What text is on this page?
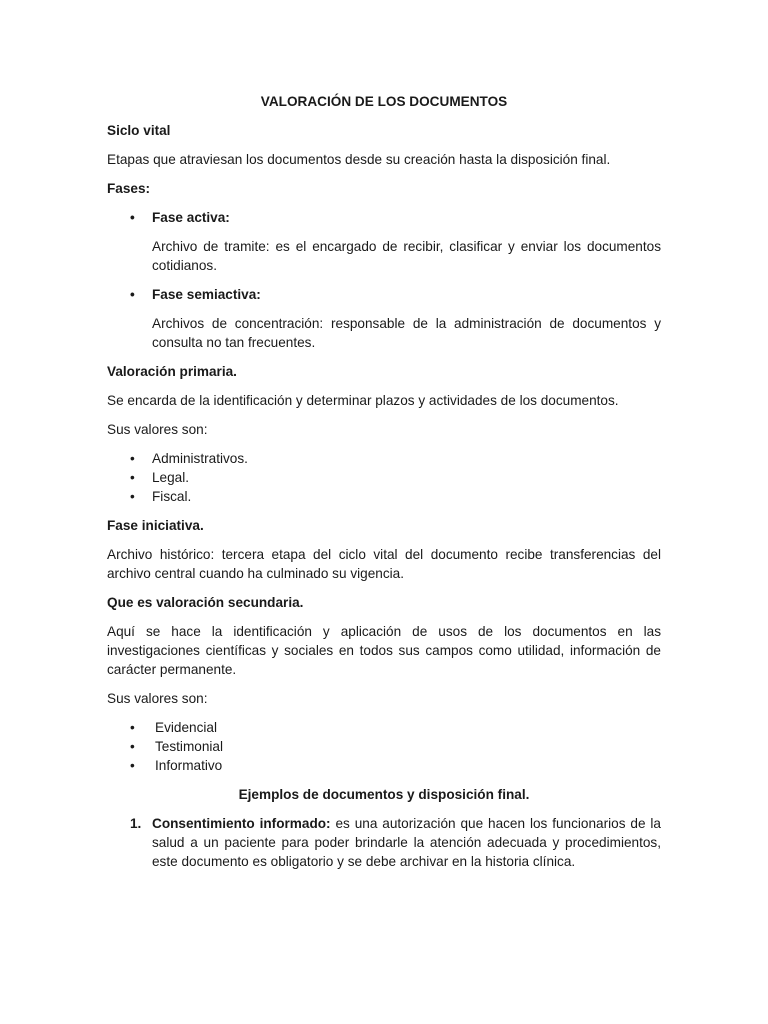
VALORACIÓN DE LOS DOCUMENTOS
Siclo vital

Etapas que atraviesan los documentos desde su creación hasta la disposición final.

Fases:
• Fase activa:

Archivo de tramite: es el encargado de recibir, clasificar y enviar los documentos cotidianos.

• Fase semiactiva:

Archivos de concentración: responsable de la administración de documentos y consulta no tan frecuentes.

Valoración primaria.

Se encarda de la identificación y determinar plazos y actividades de los documentos.

Sus valores son:

• Administrativos.
• Legal.
• Fiscal.
Fase iniciativa.

Archivo histórico: tercera etapa del ciclo vital del documento recibe transferencias del archivo central cuando ha culminado su vigencia.

Que es valoración secundaria.

Aquí se hace la identificación y aplicación de usos de los documentos en las investigaciones científicas y sociales en todos sus campos como utilidad, información de carácter permanente.

Sus valores son:

• Evidencial
• Testimonial
• Informativo
Ejemplos de documentos y disposición final.
1. Consentimiento informado: es una autorización que hacen los funcionarios de la salud a un paciente para poder brindarle la atención adecuada y procedimientos, este documento es obligatorio y se debe archivar en la historia clínica.
